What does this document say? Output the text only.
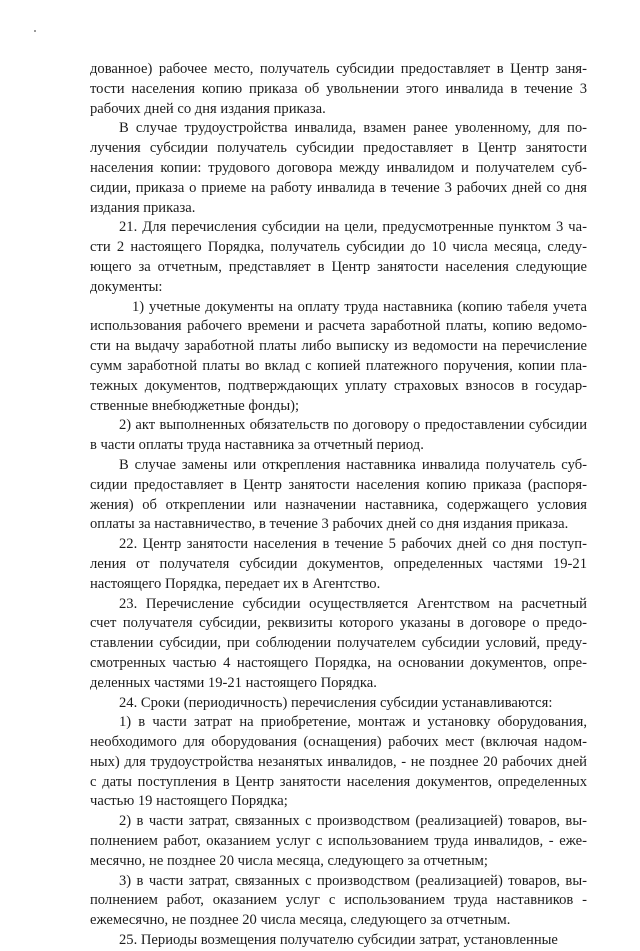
дованное) рабочее место, получатель субсидии предоставляет в Центр занятости населения копию приказа об увольнении этого инвалида в течение 3 рабочих дней со дня издания приказа.

В случае трудоустройства инвалида, взамен ранее уволенному, для получения субсидии получатель субсидии предоставляет в Центр занятости населения копии: трудового договора между инвалидом и получателем субсидии, приказа о приеме на работу инвалида в течение 3 рабочих дней со дня издания приказа.

21. Для перечисления субсидии на цели, предусмотренные пунктом 3 части 2 настоящего Порядка, получатель субсидии до 10 числа месяца, следующего за отчетным, представляет в Центр занятости населения следующие документы:

1) учетные документы на оплату труда наставника (копию табеля учета использования рабочего времени и расчета заработной платы, копию ведомости на выдачу заработной платы либо выписку из ведомости на перечисление сумм заработной платы во вклад с копией платежного поручения, копии платежных документов, подтверждающих уплату страховых взносов в государственные внебюджетные фонды);

2) акт выполненных обязательств по договору о предоставлении субсидии в части оплаты труда наставника за отчетный период.

В случае замены или открепления наставника инвалида получатель субсидии предоставляет в Центр занятости населения копию приказа (распоряжения) об откреплении или назначении наставника, содержащего условия оплаты за наставничество, в течение 3 рабочих дней со дня издания приказа.

22. Центр занятости населения в течение 5 рабочих дней со дня поступления от получателя субсидии документов, определенных частями 19-21 настоящего Порядка, передает их в Агентство.

23. Перечисление субсидии осуществляется Агентством на расчетный счет получателя субсидии, реквизиты которого указаны в договоре о предоставлении субсидии, при соблюдении получателем субсидии условий, предусмотренных частью 4 настоящего Порядка, на основании документов, определенных частями 19-21 настоящего Порядка.

24. Сроки (периодичность) перечисления субсидии устанавливаются:

1) в части затрат на приобретение, монтаж и установку оборудования, необходимого для оборудования (оснащения) рабочих мест (включая надомных) для трудоустройства незанятых инвалидов, - не позднее 20 рабочих дней с даты поступления в Центр занятости населения документов, определенных частью 19 настоящего Порядка;

2) в части затрат, связанных с производством (реализацией) товаров, выполнением работ, оказанием услуг с использованием труда инвалидов, - ежемесячно, не позднее 20 числа месяца, следующего за отчетным;

3) в части затрат, связанных с производством (реализацией) товаров, выполнением работ, оказанием услуг с использованием труда наставников - ежемесячно, не позднее 20 числа месяца, следующего за отчетным.

25. Периоды возмещения получателю субсидии затрат, установленные
